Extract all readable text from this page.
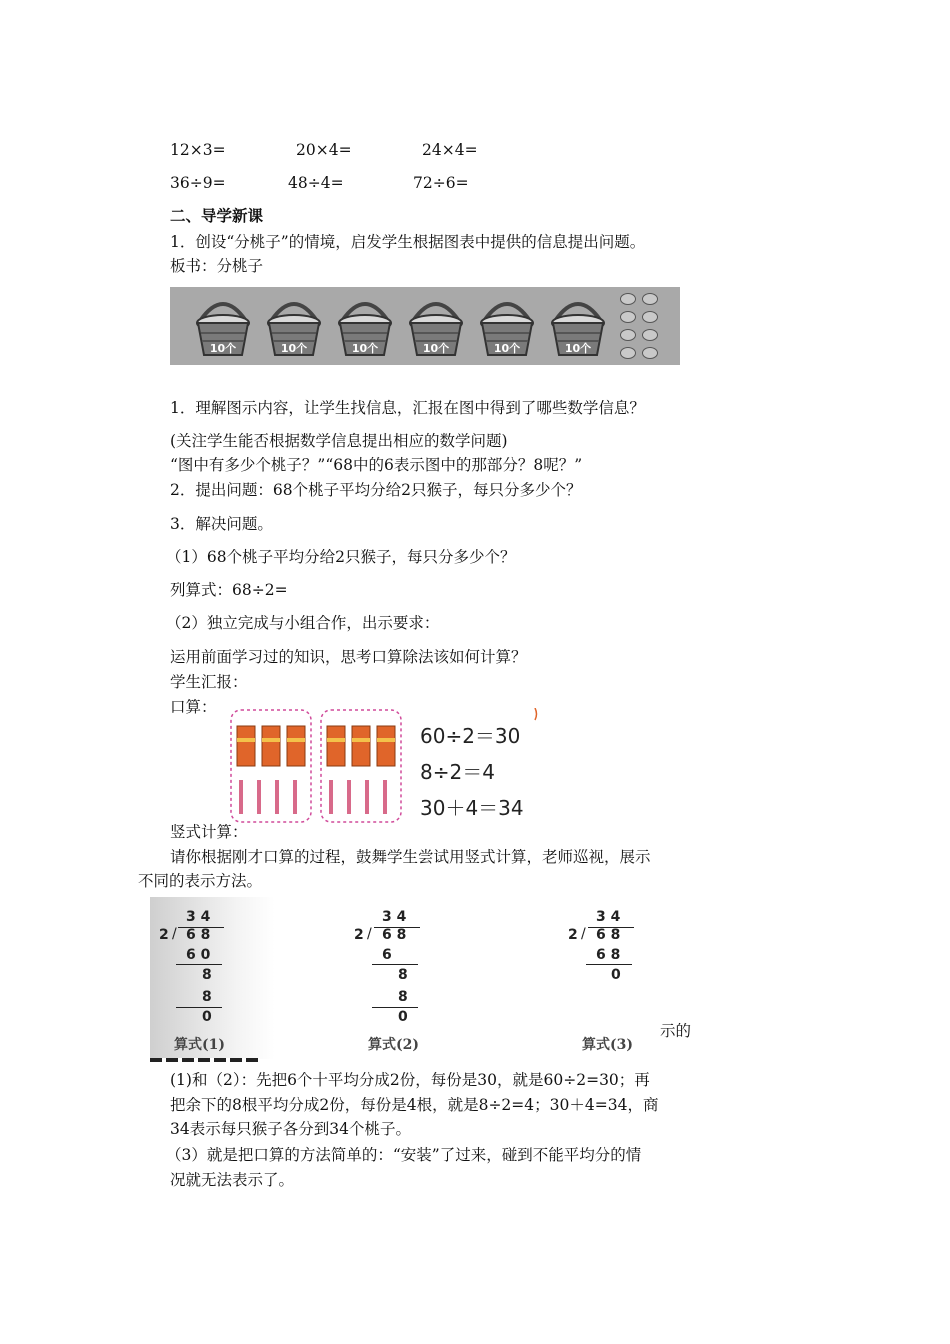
12×3=	20×4=	24×4=
36÷9=	48÷4=	72÷6=
二、导学新课
1．创设“分桃子”的情境，启发学生根据图表中提供的信息提出问题。
板书：分桃子
10个	10个	10个	10个	10个	10个
1．理解图示内容，让学生找信息，汇报在图中得到了哪些数学信息？
(关注学生能否根据数学信息提出相应的数学问题)
“图中有多少个桃子？”“68中的6表示图中的那部分？8呢？”
2．提出问题：68个桃子平均分给2只猴子，每只分多少个？
3．解决问题。
（1）68个桃子平均分给2只猴子，每只分多少个？
列算式：68÷2=
（2）独立完成与小组合作，出示要求：
运用前面学习过的知识，思考口算除法该如何计算？
学生汇报：
口算：
60÷2＝30
8÷2＝4
30＋4＝34
竖式计算：
请你根据刚才口算的过程，鼓舞学生尝试用竖式计算，老师巡视，展示
不同的表示方法。
3 4
2 / 6 8
6 0
8
8
0
算式(1)
3 4
2 / 6 8
6
8
8
0
算式(2)
3 4
2 / 6 8
6 8
0
算式(3)
示的
(1)和（2）：先把6个十平均分成2份，每份是30，就是60÷2=30；再
把余下的8根平均分成2份，每份是4根，就是8÷2=4；30＋4=34，商
34表示每只猴子各分到34个桃子。
（3）就是把口算的方法简单的：“安装”了过来，碰到不能平均分的情
况就无法表示了。
